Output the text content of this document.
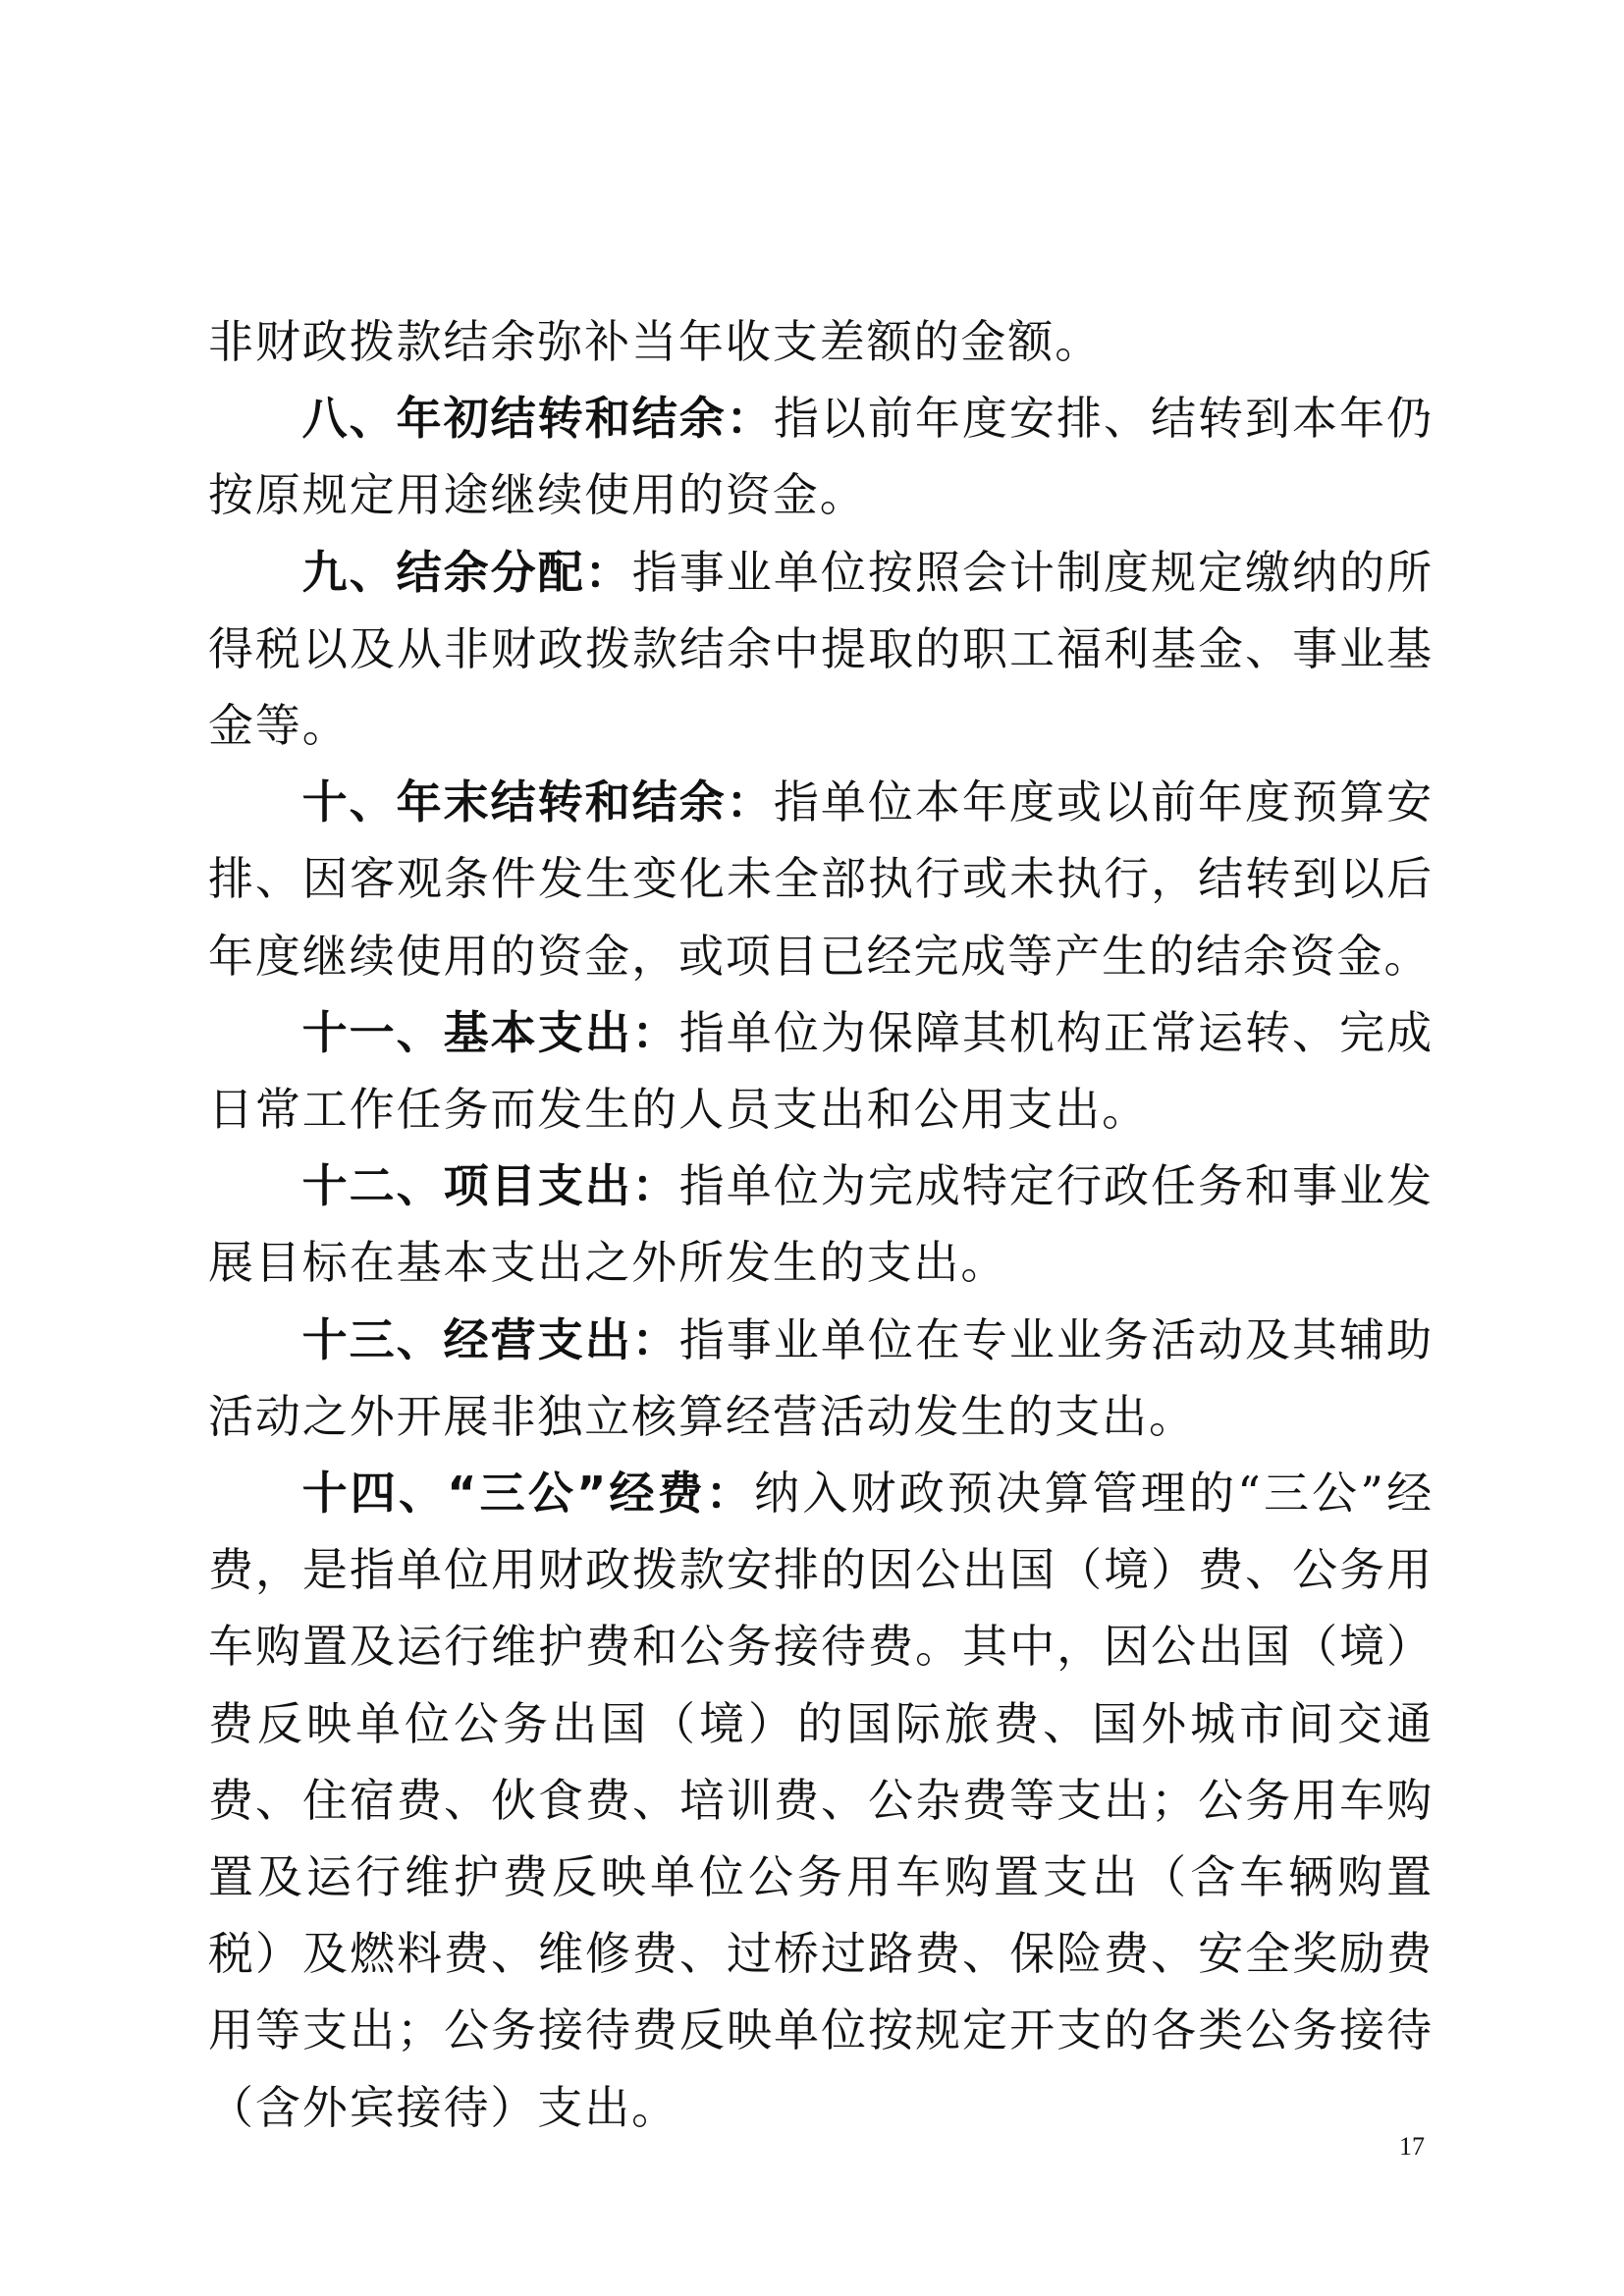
非财政拨款结余弥补当年收支差额的金额。

八、年初结转和结余：指以前年度安排、结转到本年仍按原规定用途继续使用的资金。

九、结余分配：指事业单位按照会计制度规定缴纳的所得税以及从非财政拨款结余中提取的职工福利基金、事业基金等。

十、年末结转和结余：指单位本年度或以前年度预算安排、因客观条件发生变化未全部执行或未执行，结转到以后年度继续使用的资金，或项目已经完成等产生的结余资金。

十一、基本支出：指单位为保障其机构正常运转、完成日常工作任务而发生的人员支出和公用支出。

十二、项目支出：指单位为完成特定行政任务和事业发展目标在基本支出之外所发生的支出。

十三、经营支出：指事业单位在专业业务活动及其辅助活动之外开展非独立核算经营活动发生的支出。

十四、“三公”经费：纳入财政预决算管理的“三公”经费，是指单位用财政拨款安排的因公出国（境）费、公务用车购置及运行维护费和公务接待费。其中，因公出国（境）费反映单位公务出国（境）的国际旅费、国外城市间交通费、住宿费、伙食费、培训费、公杂费等支出；公务用车购置及运行维护费反映单位公务用车购置支出（含车辆购置税）及燃料费、维修费、过桥过路费、保险费、安全奖励费用等支出；公务接待费反映单位按规定开支的各类公务接待（含外宾接待）支出。

17
